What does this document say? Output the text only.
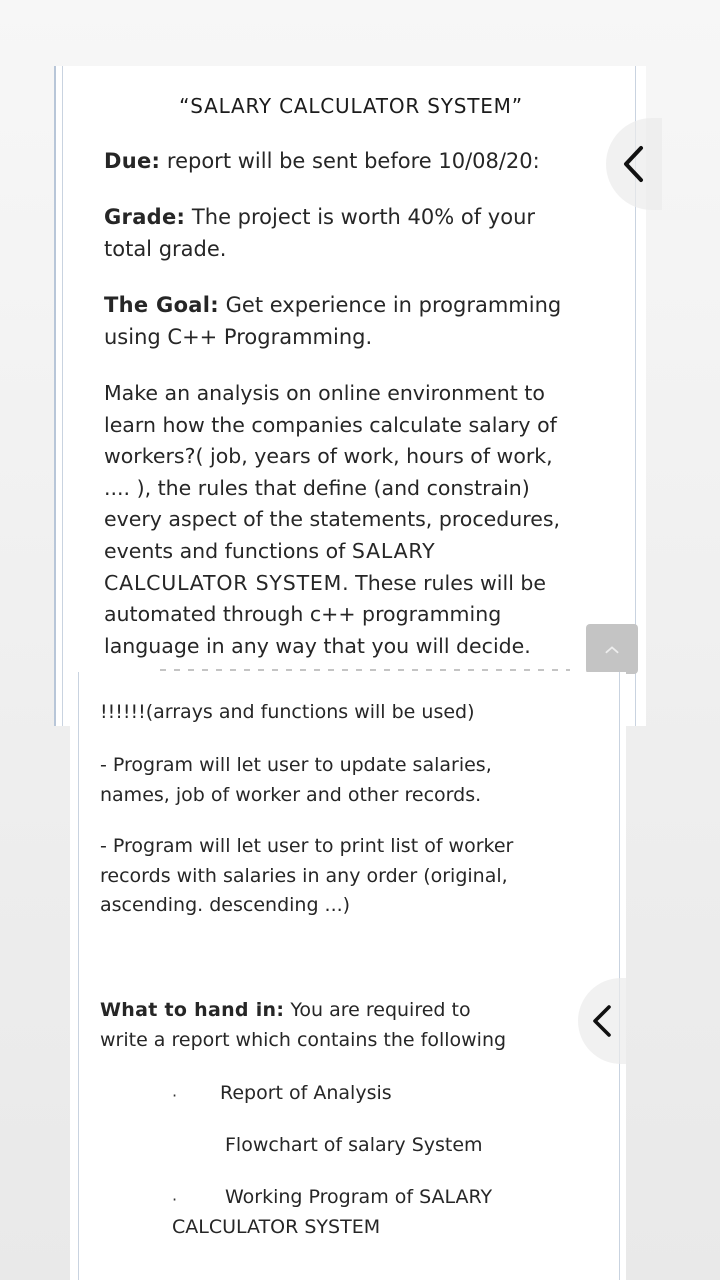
“SALARY CALCULATOR SYSTEM”
Due: report will be sent before 10/08/20:
Grade: The project is worth 40% of your total grade.
The Goal: Get experience in programming using C++ Programming.
Make an analysis on online environment to learn how the companies calculate salary of workers?( job, years of work, hours of work, .... ), the rules that define (and constrain) every aspect of the statements, procedures, events and functions of SALARY CALCULATOR SYSTEM. These rules will be automated through c++ programming language in any way that you will decide.
!!!!!!(arrays and functions will be used)
- Program will let user to update salaries, names, job of worker and other records.
- Program will let user to print list of worker records with salaries in any order (original, ascending. descending ...)
What to hand in: You are required to write a report which contains the following
· Report of Analysis
Flowchart of salary System
·	Working Program of SALARY CALCULATOR SYSTEM
